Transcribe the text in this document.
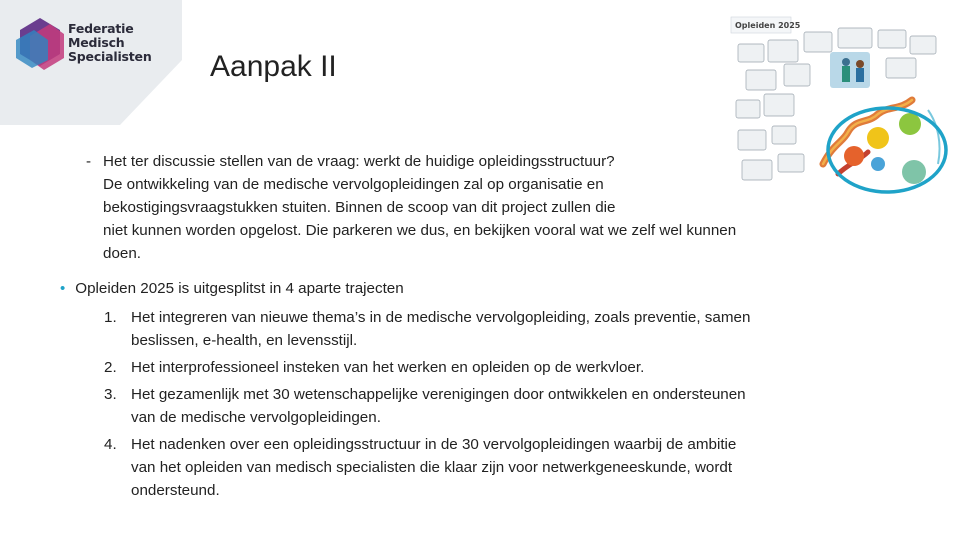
Federatie
Medisch
Specialisten Aanpak II
Opleiden 2025
- Het ter discussie stellen van de vraag: werkt de huidige opleidingsstructuur?
De ontwikkeling van de medische vervolgopleidingen zal op organisatie en
bekostigingsvraagstukken stuiten. Binnen de scoop van dit project zullen die
niet kunnen worden opgelost. Die parkeren we dus, en bekijken vooral wat we zelf wel kunnen
doen.
• Opleiden 2025 is uitgesplitst in 4 aparte trajecten
1. Het integreren van nieuwe thema’s in de medische vervolgopleiding, zoals preventie, samen
beslissen, e-health, en levensstijl.
2. Het interprofessioneel insteken van het werken en opleiden op de werkvloer.
3. Het gezamenlijk met 30 wetenschappelijke verenigingen door ontwikkelen en ondersteunen
van de medische vervolgopleidingen.
4. Het nadenken over een opleidingsstructuur in de 30 vervolgopleidingen waarbij de ambitie
van het opleiden van medisch specialisten die klaar zijn voor netwerkgeneeskunde, wordt
ondersteund.
